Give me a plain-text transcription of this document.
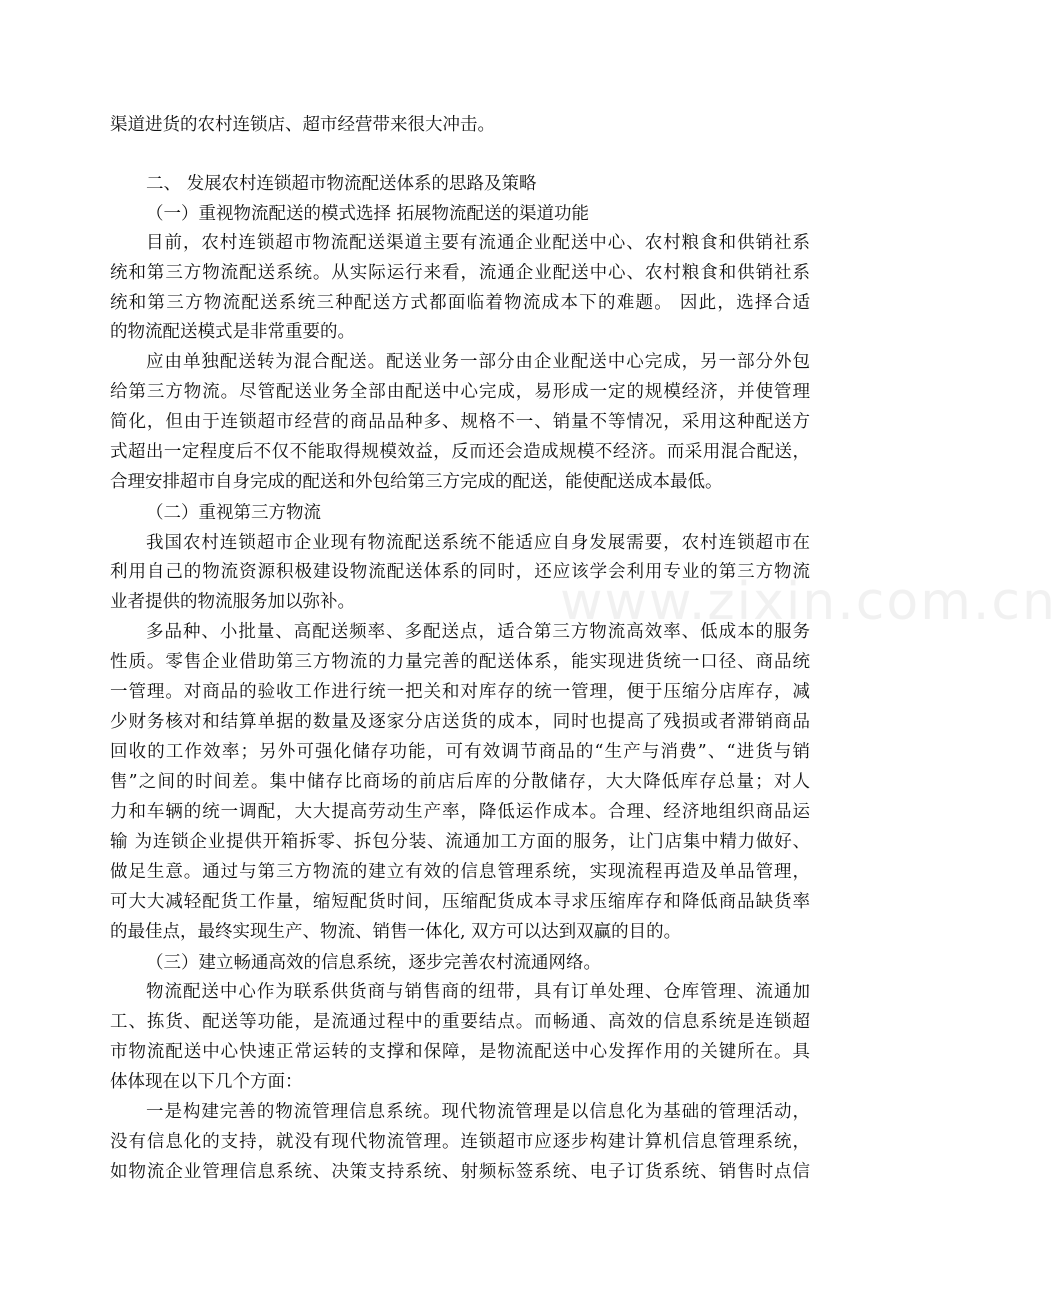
www.zixin.com.cn
渠道进货的农村连锁店、超市经营带来很大冲击。
二、 发展农村连锁超市物流配送体系的思路及策略
（一）重视物流配送的模式选择 拓展物流配送的渠道功能
目前，农村连锁超市物流配送渠道主要有流通企业配送中心、农村粮食和供销社系
统和第三方物流配送系统。从实际运行来看，流通企业配送中心、农村粮食和供销社系
统和第三方物流配送系统三种配送方式都面临着物流成本下的难题。 因此，选择合适
的物流配送模式是非常重要的。
应由单独配送转为混合配送。配送业务一部分由企业配送中心完成，另一部分外包
给第三方物流。尽管配送业务全部由配送中心完成，易形成一定的规模经济，并使管理
简化，但由于连锁超市经营的商品品种多、规格不一、销量不等情况，采用这种配送方
式超出一定程度后不仅不能取得规模效益，反而还会造成规模不经济。而采用混合配送，
合理安排超市自身完成的配送和外包给第三方完成的配送，能使配送成本最低。
（二）重视第三方物流
我国农村连锁超市企业现有物流配送系统不能适应自身发展需要，农村连锁超市在
利用自己的物流资源积极建设物流配送体系的同时，还应该学会利用专业的第三方物流
业者提供的物流服务加以弥补。
多品种、小批量、高配送频率、多配送点，适合第三方物流高效率、低成本的服务
性质。零售企业借助第三方物流的力量完善的配送体系，能实现进货统一口径、商品统
一管理。对商品的验收工作进行统一把关和对库存的统一管理，便于压缩分店库存，减
少财务核对和结算单据的数量及逐家分店送货的成本，同时也提高了残损或者滞销商品
回收的工作效率；另外可强化储存功能，可有效调节商品的“生产与消费”、“进货与销
售”之间的时间差。集中储存比商场的前店后库的分散储存，大大降低库存总量；对人
力和车辆的统一调配，大大提高劳动生产率，降低运作成本。合理、经济地组织商品运
输 为连锁企业提供开箱拆零、拆包分装、流通加工方面的服务，让门店集中精力做好、
做足生意。通过与第三方物流的建立有效的信息管理系统，实现流程再造及单品管理，
可大大减轻配货工作量，缩短配货时间，压缩配货成本寻求压缩库存和降低商品缺货率
的最佳点，最终实现生产、物流、销售一体化, 双方可以达到双赢的目的。
（三）建立畅通高效的信息系统，逐步完善农村流通网络。
物流配送中心作为联系供货商与销售商的纽带，具有订单处理、仓库管理、流通加
工、拣货、配送等功能，是流通过程中的重要结点。而畅通、高效的信息系统是连锁超
市物流配送中心快速正常运转的支撑和保障，是物流配送中心发挥作用的关键所在。具
体体现在以下几个方面：
一是构建完善的物流管理信息系统。现代物流管理是以信息化为基础的管理活动，
没有信息化的支持，就没有现代物流管理。连锁超市应逐步构建计算机信息管理系统，
如物流企业管理信息系统、决策支持系统、射频标签系统、电子订货系统、销售时点信
